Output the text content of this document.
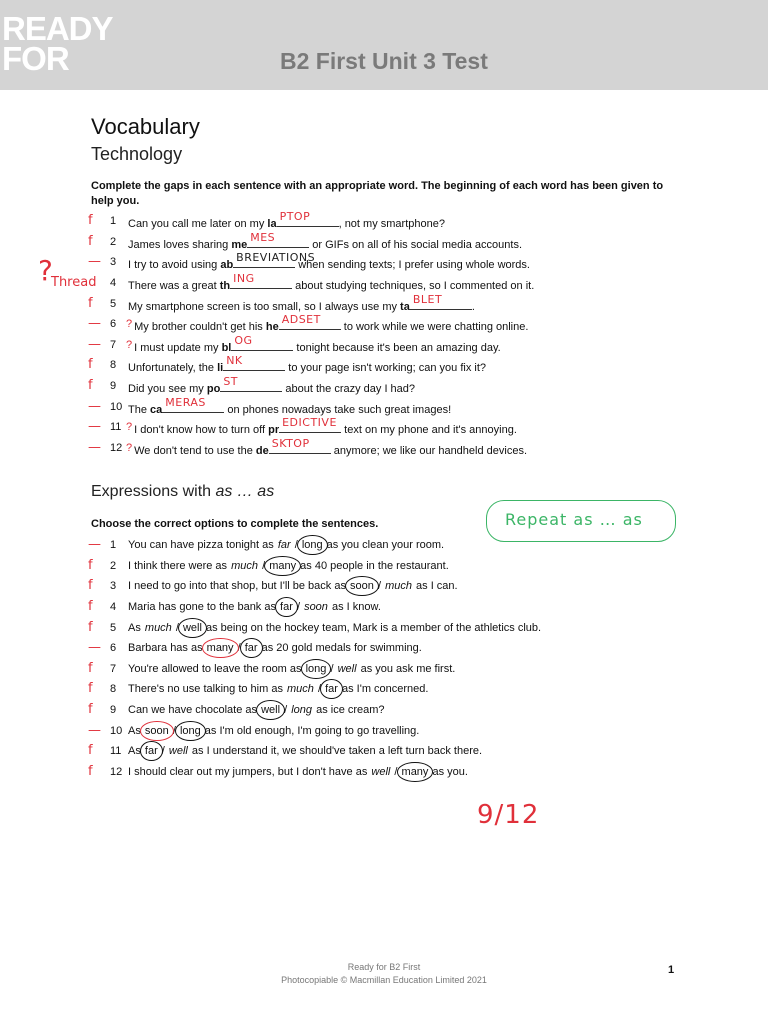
READY
FOR	B2 First Unit 3 Test
Vocabulary
Technology
Complete the gaps in each sentence with an appropriate word. The beginning of each word has been given to help you.
f 1	Can you call me later on my la
PTOP
, not my smartphone?
f 2	James loves sharing me
MES
or GIFs on all of his social media accounts.
— 3	I try to avoid using ab
BREVIATIONS
when sending texts; I prefer using whole words.
4	There was a great th
ING
about studying techniques, so I commented on it.
f 5	My smartphone screen is too small, so I always use my ta
BLET
.
— 6 ? My brother couldn't get his he
ADSET
to work while we were chatting online.
— 7 ? I must update my bl
OG
tonight because it's been an amazing day.
f 8	Unfortunately, the li
NK
to your page isn't working; can you fix it?
f 9	Did you see my po
ST
about the crazy day I had?
— 10 The ca
MERAS
on phones nowadays take such great images!
— 11 ? I don't know how to turn off pr
EDICTIVE
text on my phone and it's annoying.
— 12 ? We don't tend to use the de
SKTOP
anymore; we like our handheld devices.
Expressions with as … as
Choose the correct options to complete the sentences.
— 1	You can have pizza tonight as far / long as you clean your room.
f 2	I think there were as much / many as 40 people in the restaurant.
f 3	I need to go into that shop, but I'll be back as soon / much as I can.
f 4	Maria has gone to the bank as far / soon as I know.
f 5	As much / well as being on the hockey team, Mark is a member of the athletics club.
— 6	Barbara has as many / far as 20 gold medals for swimming.
f 7	You're allowed to leave the room as long / well as you ask me first.
f 8	There's no use talking to him as much / far as I'm concerned.
f 9	Can we have chocolate as well / long as ice cream?
— 10 As soon / long as I'm old enough, I'm going to go travelling.
f 11 As far / well as I understand it, we should've taken a left turn back there.
f 12 I should clear out my jumpers, but I don't have as well / many as you.
?
Thread
Repeat as … as
9/12
Ready for B2 First
Photocopiable © Macmillan Education Limited 2021
1
